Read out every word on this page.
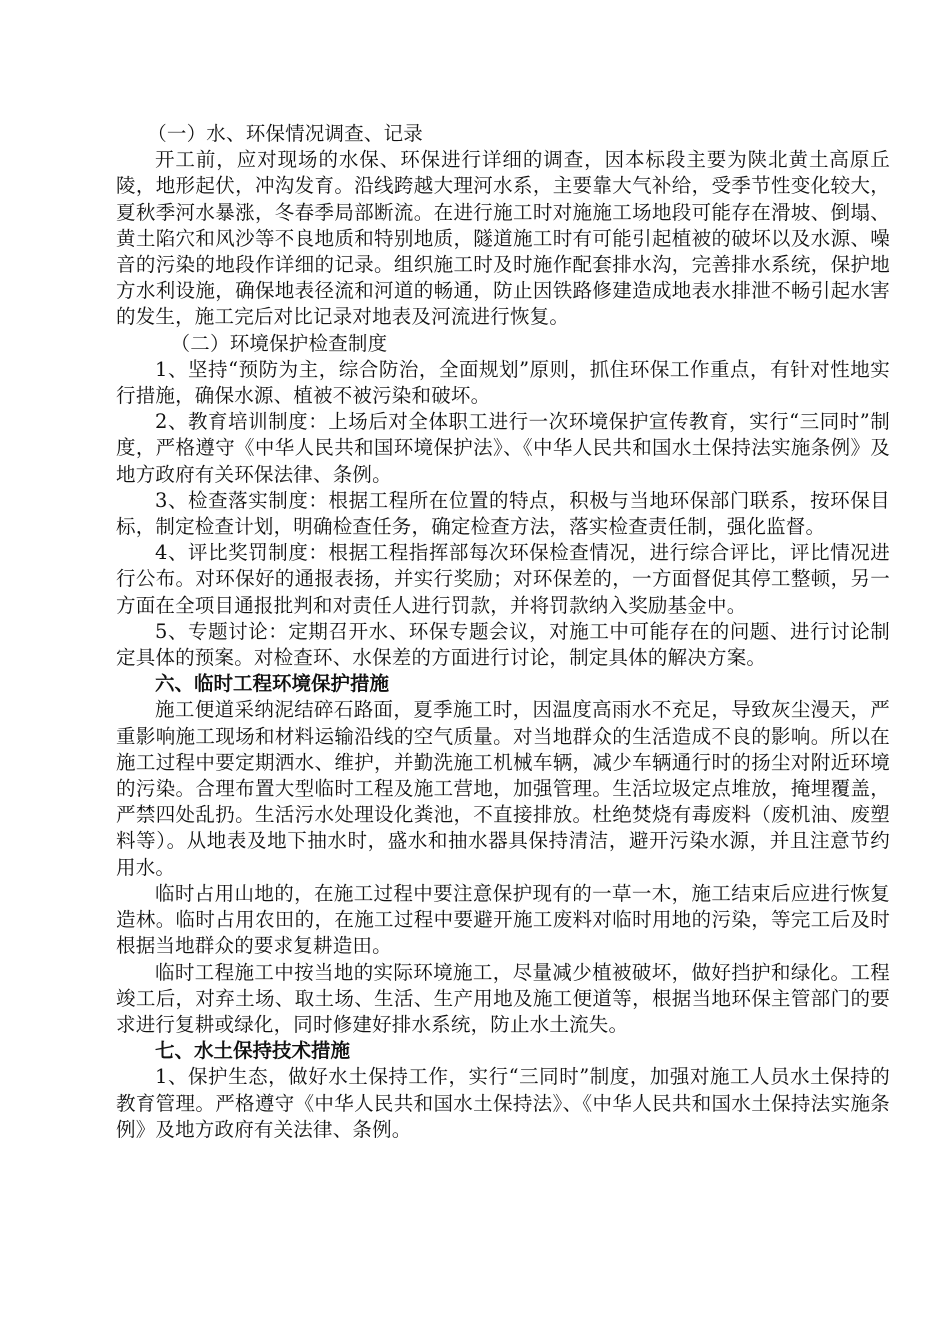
（一）水、环保情况调查、记录

开工前，应对现场的水保、环保进行详细的调查，因本标段主要为陕北黄土高原丘陵，地形起伏，冲沟发育。沿线跨越大理河水系，主要靠大气补给，受季节性变化较大，夏秋季河水暴涨，冬春季局部断流。在进行施工时对施施工场地段可能存在滑坡、倒塌、黄土陷穴和风沙等不良地质和特别地质，隧道施工时有可能引起植被的破坏以及水源、噪音的污染的地段作详细的记录。组织施工时及时施作配套排水沟，完善排水系统，保护地方水利设施，确保地表径流和河道的畅通，防止因铁路修建造成地表水排泄不畅引起水害的发生，施工完后对比记录对地表及河流进行恢复。

（二）环境保护检查制度

1、坚持“预防为主，综合防治，全面规划”原则，抓住环保工作重点，有针对性地实行措施，确保水源、植被不被污染和破坏。

2、教育培训制度：上场后对全体职工进行一次环境保护宣传教育，实行“三同时”制度，严格遵守《中华人民共和国环境保护法》、《中华人民共和国水土保持法实施条例》及地方政府有关环保法律、条例。

3、检查落实制度：根据工程所在位置的特点，积极与当地环保部门联系，按环保目标，制定检查计划，明确检查任务，确定检查方法，落实检查责任制，强化监督。

4、评比奖罚制度：根据工程指挥部每次环保检查情况，进行综合评比，评比情况进行公布。对环保好的通报表扬，并实行奖励；对环保差的，一方面督促其停工整顿，另一方面在全项目通报批判和对责任人进行罚款，并将罚款纳入奖励基金中。

5、专题讨论：定期召开水、环保专题会议，对施工中可能存在的问题、进行讨论制定具体的预案。对检查环、水保差的方面进行讨论，制定具体的解决方案。

六、临时工程环境保护措施

施工便道采纳泥结碎石路面，夏季施工时，因温度高雨水不充足，导致灰尘漫天，严重影响施工现场和材料运输沿线的空气质量。对当地群众的生活造成不良的影响。所以在施工过程中要定期洒水、维护，并勤洗施工机械车辆，减少车辆通行时的扬尘对附近环境的污染。合理布置大型临时工程及施工营地，加强管理。生活垃圾定点堆放，掩埋覆盖，严禁四处乱扔。生活污水处理设化粪池，不直接排放。杜绝焚烧有毒废料（废机油、废塑料等）。从地表及地下抽水时，盛水和抽水器具保持清洁，避开污染水源，并且注意节约用水。

临时占用山地的，在施工过程中要注意保护现有的一草一木，施工结束后应进行恢复造林。临时占用农田的，在施工过程中要避开施工废料对临时用地的污染，等完工后及时根据当地群众的要求复耕造田。

临时工程施工中按当地的实际环境施工，尽量减少植被破坏，做好挡护和绿化。工程竣工后，对弃土场、取土场、生活、生产用地及施工便道等，根据当地环保主管部门的要求进行复耕或绿化，同时修建好排水系统，防止水土流失。

七、水土保持技术措施

1、保护生态，做好水土保持工作，实行“三同时”制度，加强对施工人员水土保持的教育管理。严格遵守《中华人民共和国水土保持法》、《中华人民共和国水土保持法实施条例》及地方政府有关法律、条例。
